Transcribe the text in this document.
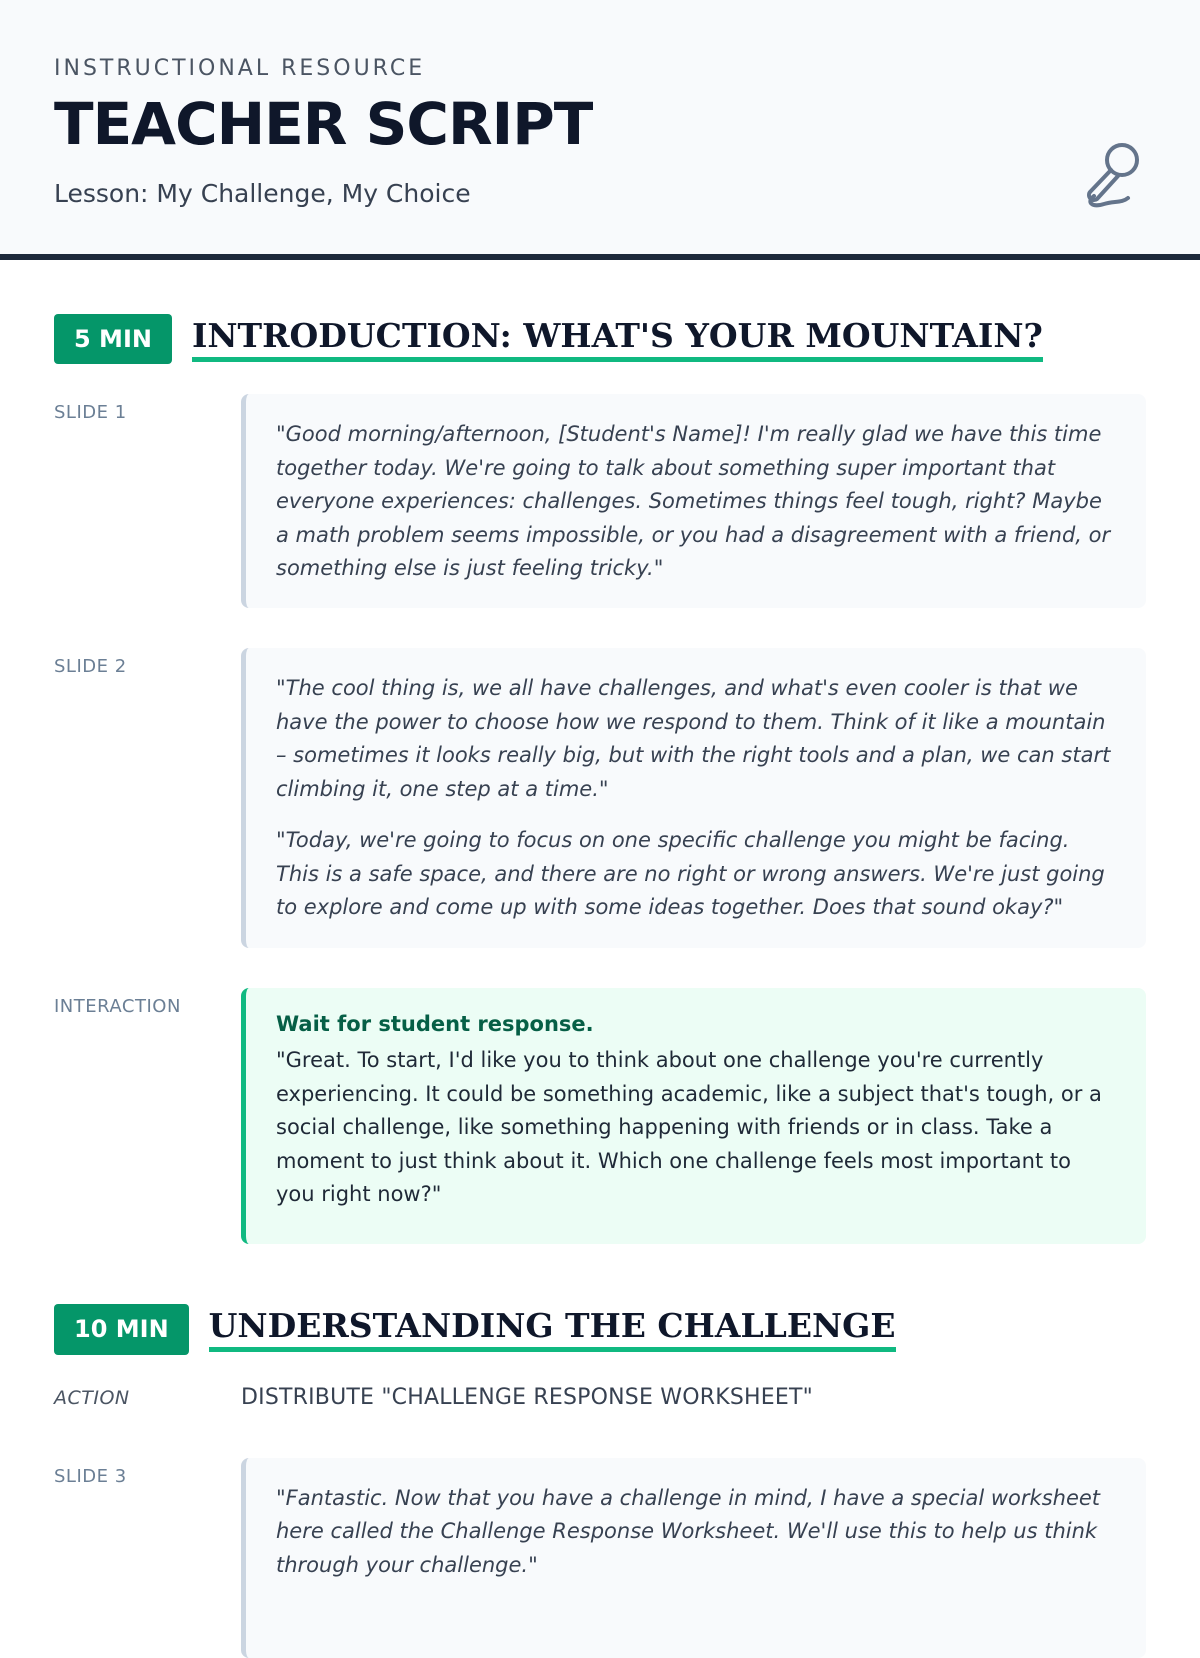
INSTRUCTIONAL RESOURCE
TEACHER SCRIPT
Lesson: My Challenge, My Choice
5 MIN	INTRODUCTION: WHAT'S YOUR MOUNTAIN?
SLIDE 1

"Good morning/afternoon, [Student's Name]! I'm really glad we have this time together today. We're going to talk about something super important that everyone experiences: challenges. Sometimes things feel tough, right? Maybe a math problem seems impossible, or you had a disagreement with a friend, or something else is just feeling tricky."

SLIDE 2

"The cool thing is, we all have challenges, and what's even cooler is that we have the power to choose how we respond to them. Think of it like a mountain – sometimes it looks really big, but with the right tools and a plan, we can start climbing it, one step at a time."

"Today, we're going to focus on one specific challenge you might be facing. This is a safe space, and there are no right or wrong answers. We're just going to explore and come up with some ideas together. Does that sound okay?"

INTERACTION
Wait for student response.

"Great. To start, I'd like you to think about one challenge you're currently experiencing. It could be something academic, like a subject that's tough, or a social challenge, like something happening with friends or in class. Take a moment to just think about it. Which one challenge feels most important to you right now?"

10 MIN	UNDERSTANDING THE CHALLENGE
ACTION	DISTRIBUTE "CHALLENGE RESPONSE WORKSHEET"
SLIDE 3

"Fantastic. Now that you have a challenge in mind, I have a special worksheet here called the Challenge Response Worksheet. We'll use this to help us think through your challenge."
